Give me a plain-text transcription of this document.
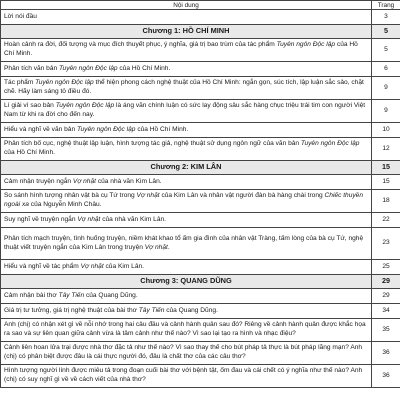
Nội dung	Trang
Lời nói đầu	3
Chương 1: HỒ CHÍ MINH	5
Hoàn cảnh ra đời, đối tượng và mục đích thuyết phục, ý nghĩa, giá trị bao trùm của tác phẩm Tuyên ngôn Độc lập của Hồ Chí Minh.	5
Phân tích văn bản Tuyên ngôn Độc lập của Hồ Chí Minh.	6
Tác phẩm Tuyên ngôn Độc lập thể hiện phong cách nghệ thuật của Hồ Chí Minh: ngắn gọn, súc tích, lập luận sắc sảo, chặt chẽ. Hãy làm sáng tỏ điều đó.	9
Lí giải vì sao bản Tuyên ngôn Độc lập là áng văn chính luận có sức lay động sâu sắc hàng chục triệu trái tim con người Việt Nam từ khi ra đời cho đến nay.	9
Hiểu và nghĩ về văn bản Tuyên ngôn Độc lập của Hồ Chí Minh.	10
Phân tích bố cục, nghệ thuật lập luận, hình tượng tác giả, nghệ thuật sử dụng ngôn ngữ của văn bản Tuyên ngôn Độc lập của Hồ Chí Minh.	12
Chương 2: KIM LÂN	15
Cảm nhận truyện ngắn Vợ nhặt của nhà văn Kim Lân.	15
So sánh hình tượng nhân vật bà cụ Tứ trong Vợ nhặt của Kim Lân và nhân vật người đàn bà hàng chài trong Chiếc thuyền ngoài xa của Nguyễn Minh Châu.	18
Suy nghĩ về truyện ngắn Vợ nhặt của nhà văn Kim Lân.	22
Phân tích mạch truyện, tình huống truyện, niềm khát khao tổ ấm gia đình của nhân vật Tràng, tấm lòng của bà cụ Tứ, nghệ thuật viết truyện ngắn của Kim Lân trong truyện Vợ nhặt.	23
Hiểu và nghĩ về tác phẩm Vợ nhặt của Kim Lân.	25
Chương 3: QUANG DŨNG	29
Cảm nhận bài thơ Tây Tiến của Quang Dũng.	29
Giá trị tư tưởng, giá trị nghệ thuật của bài thơ Tây Tiến của Quang Dũng.	34
Anh (chị) có nhận xét gì về nỗi nhớ trong hai câu đầu và cảnh hành quân sau đó? Riêng về cảnh hành quân được khắc họa ra sao và sự liên quan giữa cảnh vừa là tâm cảnh như thế nào? Vì sao lại tạo ra hình và nhạc điệu?	35
Cảnh liên hoan lửa trại được nhà thơ đặc tả như thế nào? Vì sao thay thế cho bút pháp tả thực là bút pháp lãng mạn? Anh (chị) có phân biệt được đâu là cái thực người đó, đâu là chất thơ của các câu thơ?	36
Hình tượng người lính được miêu tả trong đoạn cuối bài thơ với bệnh tật, ốm đau và cái chết có ý nghĩa như thế nào? Anh (chị) có suy nghĩ gì về về cách viết của nhà thơ?	36
